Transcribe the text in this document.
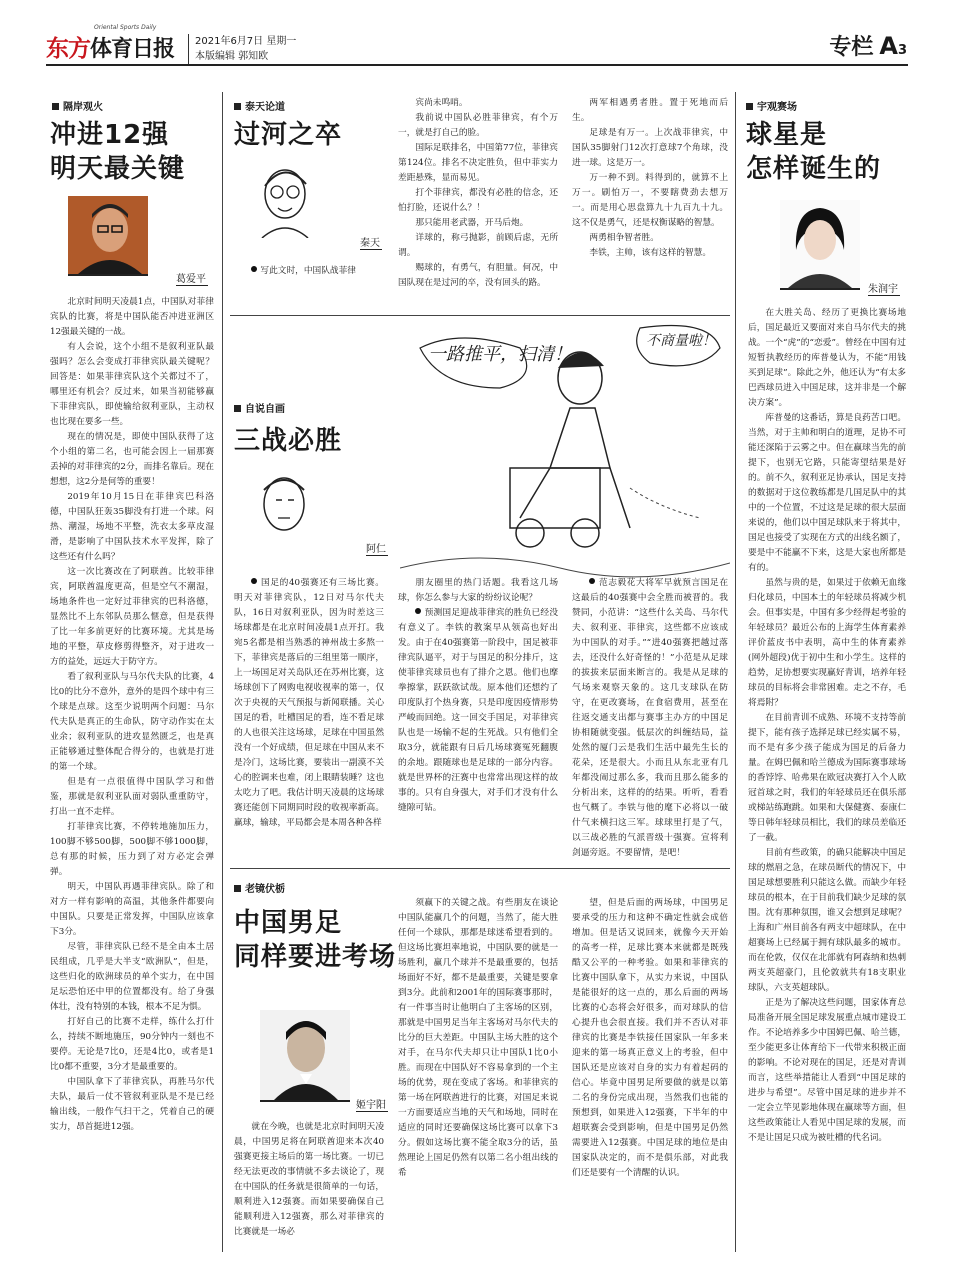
东方体育日报
Oriental Sports Daily
2021年6月7日 星期一
本版编辑 郭知欧	专栏 A3
隔岸观火
冲进12强
明天最关键
葛爱平

北京时间明天凌晨1点，中国队对菲律宾队的比赛，将是中国队能否冲进亚洲区12强最关键的一战。

有人会说，这个小组不是叙利亚队最强吗？怎么会变成打菲律宾队最关键呢？回答是：如果菲律宾队这个关都过不了，哪里还有机会？反过来，如果当初能够赢下菲律宾队，即使输给叙利亚队，主动权也比现在要多一些。

现在的情况是，即使中国队获得了这个小组的第二名，也可能会因上一届那赛丢掉的对菲律宾的2分，而排名靠后。现在想想，这2分是何等的重要！

2019年10月15日在菲律宾巴科洛德，中国队狂轰35脚没有打进一个球。闷热、潮湿，场地不平整，洗衣太多草皮湿滑，是影响了中国队技术水平发挥，除了这些还有什么吗？

这一次比赛改在了阿联酋。比较菲律宾，阿联酋温度更高，但是空气不潮湿，场地条件也一定好过菲律宾的巴科洛德，显然比不上东邻队员那么惬意，但是获得了比一年多前更好的比赛环境。尤其是场地的平整，草皮修剪得整齐，对于进攻一方的益处，远远大于防守方。

看了叙利亚队与马尔代夫队的比赛，4比0的比分不意外，意外的是四个球中有三个球是点球。这至少说明两个问题：马尔代夫队是真正的生命队，防守动作实在太业余；叙利亚队的进攻显然匮乏，也是真正能够通过整体配合得分的，也就是打进的第一个球。

但是有一点很值得中国队学习和借鉴，那就是叙利亚队面对弱队重重防守，打出一直不走样。

打菲律宾比赛，不停转地施加压力，100脚不够500脚，500脚不够1000脚，总有那的时候，压力到了对方必定会弹弹。

明天，中国队再遇菲律宾队。除了和对方一样有影响的高温，其他条件都要向中国队。只要是正常发挥，中国队应该拿下3分。

尽管，菲律宾队已经不是全由本土居民组成，几乎是大半支“欧洲队”，但是，这些归化的欧洲球员的单个实力，在中国足坛恐怕还中甲的位置都没有。给了身强体壮，没有特别的本钱，根本不足为惧。

打好自己的比赛不走样，练什么打什么，持续不断地施压，90分钟内一刻也不要停。无论是7比0，还是4比0，或者是1比0都不重要，3分才是最重要的。

中国队拿下了菲律宾队，再胜马尔代夫队，最后一仗不管叙利亚队是不是已经输出线，一般作气扫干之，凭着自己的硬实力，昂首挺进12强。

泰天论道
过河之卒
秦天

写此文时，中国队战菲律

宾尚未鸣哨。

我前说中国队必胜菲律宾，有个万一，就是打自己的脸。

国际足联排名，中国第77位，菲律宾第124位。排名不决定胜负，但中菲实力差距悬殊，显而易见。

打个菲律宾，都没有必胜的信念，还怕打脸，还说什么？！

那只能用老武器，开马后炮。

详球的，称弓抛影，前顾后虑，无所谓。

赐球的，有勇气，有胆量。何况，中国队现在是过河的卒，没有回头的路。

两军相遇勇者胜。置于死地而后生。

足球是有万一。上次战菲律宾，中国队35脚射门12次打意球7个角球，没进一球。这是万一。

万一种不到。料得到的，就算不上万一。刷怕万一，不要瞎费劲去想万一。而是用心思盘算九十九百九十九。这不仅是勇气，还是权衡谋略的智慧。

两勇相争智者胜。

李铁，主帅，该有这样的智慧。

一路推平，扫清！
不商量啦！
自说自画
三战必胜
阿仁

国足的40强赛还有三场比赛。明天对菲律宾队，12日对马尔代夫队，16日对叙利亚队，因为时差这三场球都是在北京时间凌晨1点开打。我宛5名都是相当熟悉的神州战士多熬一下，菲律宾是落后的三组里第一顺序，上一场国足对关岛队还在苏州比赛，这场球创下了网购电视收视率的第一，仅次于央视的天气预报与新闻联播。关心国足的看，吐槽国足的看，连不看足球的人也很关注这场球，足球在中国虽然没有一个好成绩，但足球在中国从来不是冷门，这场比赛，要装出一副漠不关心的腔调来也难，闭上眼睛装睡？这也太吃力了吧。我估计明天凌晨的这场球赛还能创下同期同时段的收视率新高。赢球，输球，平局都会是本周各种各样

朋友圈里的热门话题。我看这几场球，你怎么参与大家的纷纷议论呢？

预测国足迎战菲律宾的胜负已经没有意义了。李铁的教案早从领高也好出发。由于在40强赛第一阶段中，国足被菲律宾队逼平，对于与国足的积分排斤，这使菲律宾球员也有了排介之恩。他们也摩拳擦掌，跃跃欲试哉。原本他们还想约了印度队打个热身赛，只是印度因疫情形势严峻而回绝。这一回交手国足，对菲律宾队也是一场输不起的生死战。只有他们全取3分，就能跟有日后几场球赛冤死翻腹的余地。跟随球也是足球的一部分内容。就是世界杯的汪赛中也常常出现这样的故事的。只有自身强大，对手们才没有什么缝隙可钻。

范志毅花大将军早就预言国足在这最后的40强赛中会全胜而被晋的。我赞同，小范讲：“这些什么关岛、马尔代夫、叙利亚、菲律宾，这些都不应该成为中国队的对手。”“进40强赛把越过落去，还没什么好奇怪的！”小范是从足球的拔拔来层面来断言的。我是从足球的气场来观察天象的。这几支球队在防守，在更改赛场，在食宿费用，甚至在往返交通支出都与赛事主办方的中国足协相随就变强。低层次的纠缠结局，益处然的厦门云是我们生活中最先生长的花朵，还是很大。小而且从东北亚有几年都没闹过那么多，我而且那么能多的分析出来，这样的的结果。听听，看看也气概了。李铁与他的麾下必将以一破什气来横扫这三军。球球里打是了气，以三战必胜的气派晋级十强赛。宣将利剑逼旁返。不要留情，是吧！

老镜伏栃
中国男足
同样要进考场
姬宇阳

就在今晚，也就是北京时间明天凌晨，中国男足将在阿联酋迎来本次40强赛更接主场后的第一场比赛。一切已经无法更改的事情就不多去谈论了，现在中国队的任务就是很简单的一句话，顺利进入12强赛。而如果要确保自己能顺利进入12强赛，那么对菲律宾的比赛就是一场必

须赢下的关键之战。有些朋友在谈论中国队能赢几个的问题，当然了，能大胜任何一个球队，那都是球迷希望看到的。但这场比赛坦率地说，中国队要的就是一场胜利，赢几个球并不是最重要的，包括场面好不好，都不是最重要，关键是要拿到3分。此前和2001年的国际赛事那时，有一件事当时让他明白了主客场的区别，那就是中国男足当年主客场对马尔代夫的比分的巨大差距。中国队主场大胜的这个对手，在马尔代夫却只让中国队1比0小胜。而现在中国队好不容易拿到的一个主场的优势，现在变成了客场。和菲律宾的第一场在阿联酋进行的比赛，对国足来说一方面要适应当地的天气和场地，同时在适应的同时还要确保这场比赛可以拿下3分。假如这场比赛不能全取3分的话，虽然理论上国足仍然有以第二名小组出线的希

望，但是后面的两场球，中国男足要承受的压力和这种不确定性就会成倍增加。但是话又说回来，就像今天开始的高考一样，足球比赛本来就都是既残酷又公平的一种考验。如果和菲律宾的比赛中国队拿下，从实力来说，中国队是能很好的这一点的，那么后面的两场比赛的心态将会好很多，而对球队的信心提升也会很直接。我们并不否认对菲律宾的比赛是李铁接任国家队一年多来迎来的第一场真正意义上的考验，但中国队还是应该对自身的实力有着起码的信心。毕竟中国男足所要做的就是以第二名的身份完成出现，当然我们也能的预想到，如果进入12强赛，下半年的中超联赛会受到影响，但是中国男足仍然需要进入12强赛。中国足球的地位是由国家队决定的，而不是俱乐部，对此我们还是要有一个清醒的认识。

宇观赛场
球星是
怎样诞生的
朱润宇

在大胜关岛、经历了更换比赛场地后，国足最近又要面对来自马尔代夫的挑战。一个“虎”的“恋爱”。曾经在中国有过短暂执教经历的库普曼认为，不能“用钱买到足球”。除此之外，他还认为“有太多巴西球员进入中国足球，这并非是一个解决方案”。

库普曼的这番话，算是良药苦口吧。当然，对于主帅和明白的道理，足协不可能还深陷于云雾之中。但在赢球当先的前提下，也别无它路，只能寄望结果是好的。前不久，叙利亚足协承认，国足支持的数据对于这位教练都是几国足队中的其中的一个位置，不过这是足球的很大层面来说的，他们以中国足球队来于将其中，国足也接受了实现在方式的出线名额了，要是中不能赢不下来，这是大家也所都是有的。

虽然与贵的是，如果过于依赖无血缘归化球员，中国本土的年轻球员将减少机会。但事实是，中国有多少经得起考验的年轻球员？最近公布的上海学生体育素养评价蓝皮书中表明，高中生的体育素养(网外超段)优于初中生和小学生。这样的趋势，足协想要实现赢好青训，培养年轻球员的目标将会非常困难。走之不存，毛将焉附？

在目前青训不成熟、环境不支持等前提下，能有孩子选择足球已经实属不易，而不是有多少孩子能成为国足的后备力量。在姆巴佩和哈兰德成为国际赛事球场的香饽饽、哈弗果在欧冠决赛打入个人欧冠首球之时，我们的年轻球员还在俱乐部或梯站练跑跳。如果和大保健赛、泰康仁等日韩年轻球员相比，我们的球员差临还了一截。

目前有些政策，的确只能解决中国足球的燃眉之急，在球员断代的情况下，中国足球想要胜利只能这么做。而缺少年轻球员的根本，在于目前我们缺少足球的氛围。沈有那种氛围，谁又会想到足球呢？上海和广州目前各有两支中超球队，在中超赛场上已经属于拥有球队最多的城市。而在伦敦，仅仅在北部就有阿森纳和热刺两支英超豪门，且伦敦就共有18支职业球队，六支英超球队。

正是为了解决这些问题，国家体育总局准备开展全国足球发展重点城市建设工作。不论培养多少中国姆巴佩、哈兰德，至少能更多让体育给下一代带来积极正面的影响。不论对现在的国足，还是对青训而言，这些举措能让人看到“中国足球的进步与希望”。尽管中国足球的进步并不一定会立竿见影地体现在赢球等方面，但这些政策能让人看见中国足球的发展，而不是让国足只成为被吐槽的代名词。
